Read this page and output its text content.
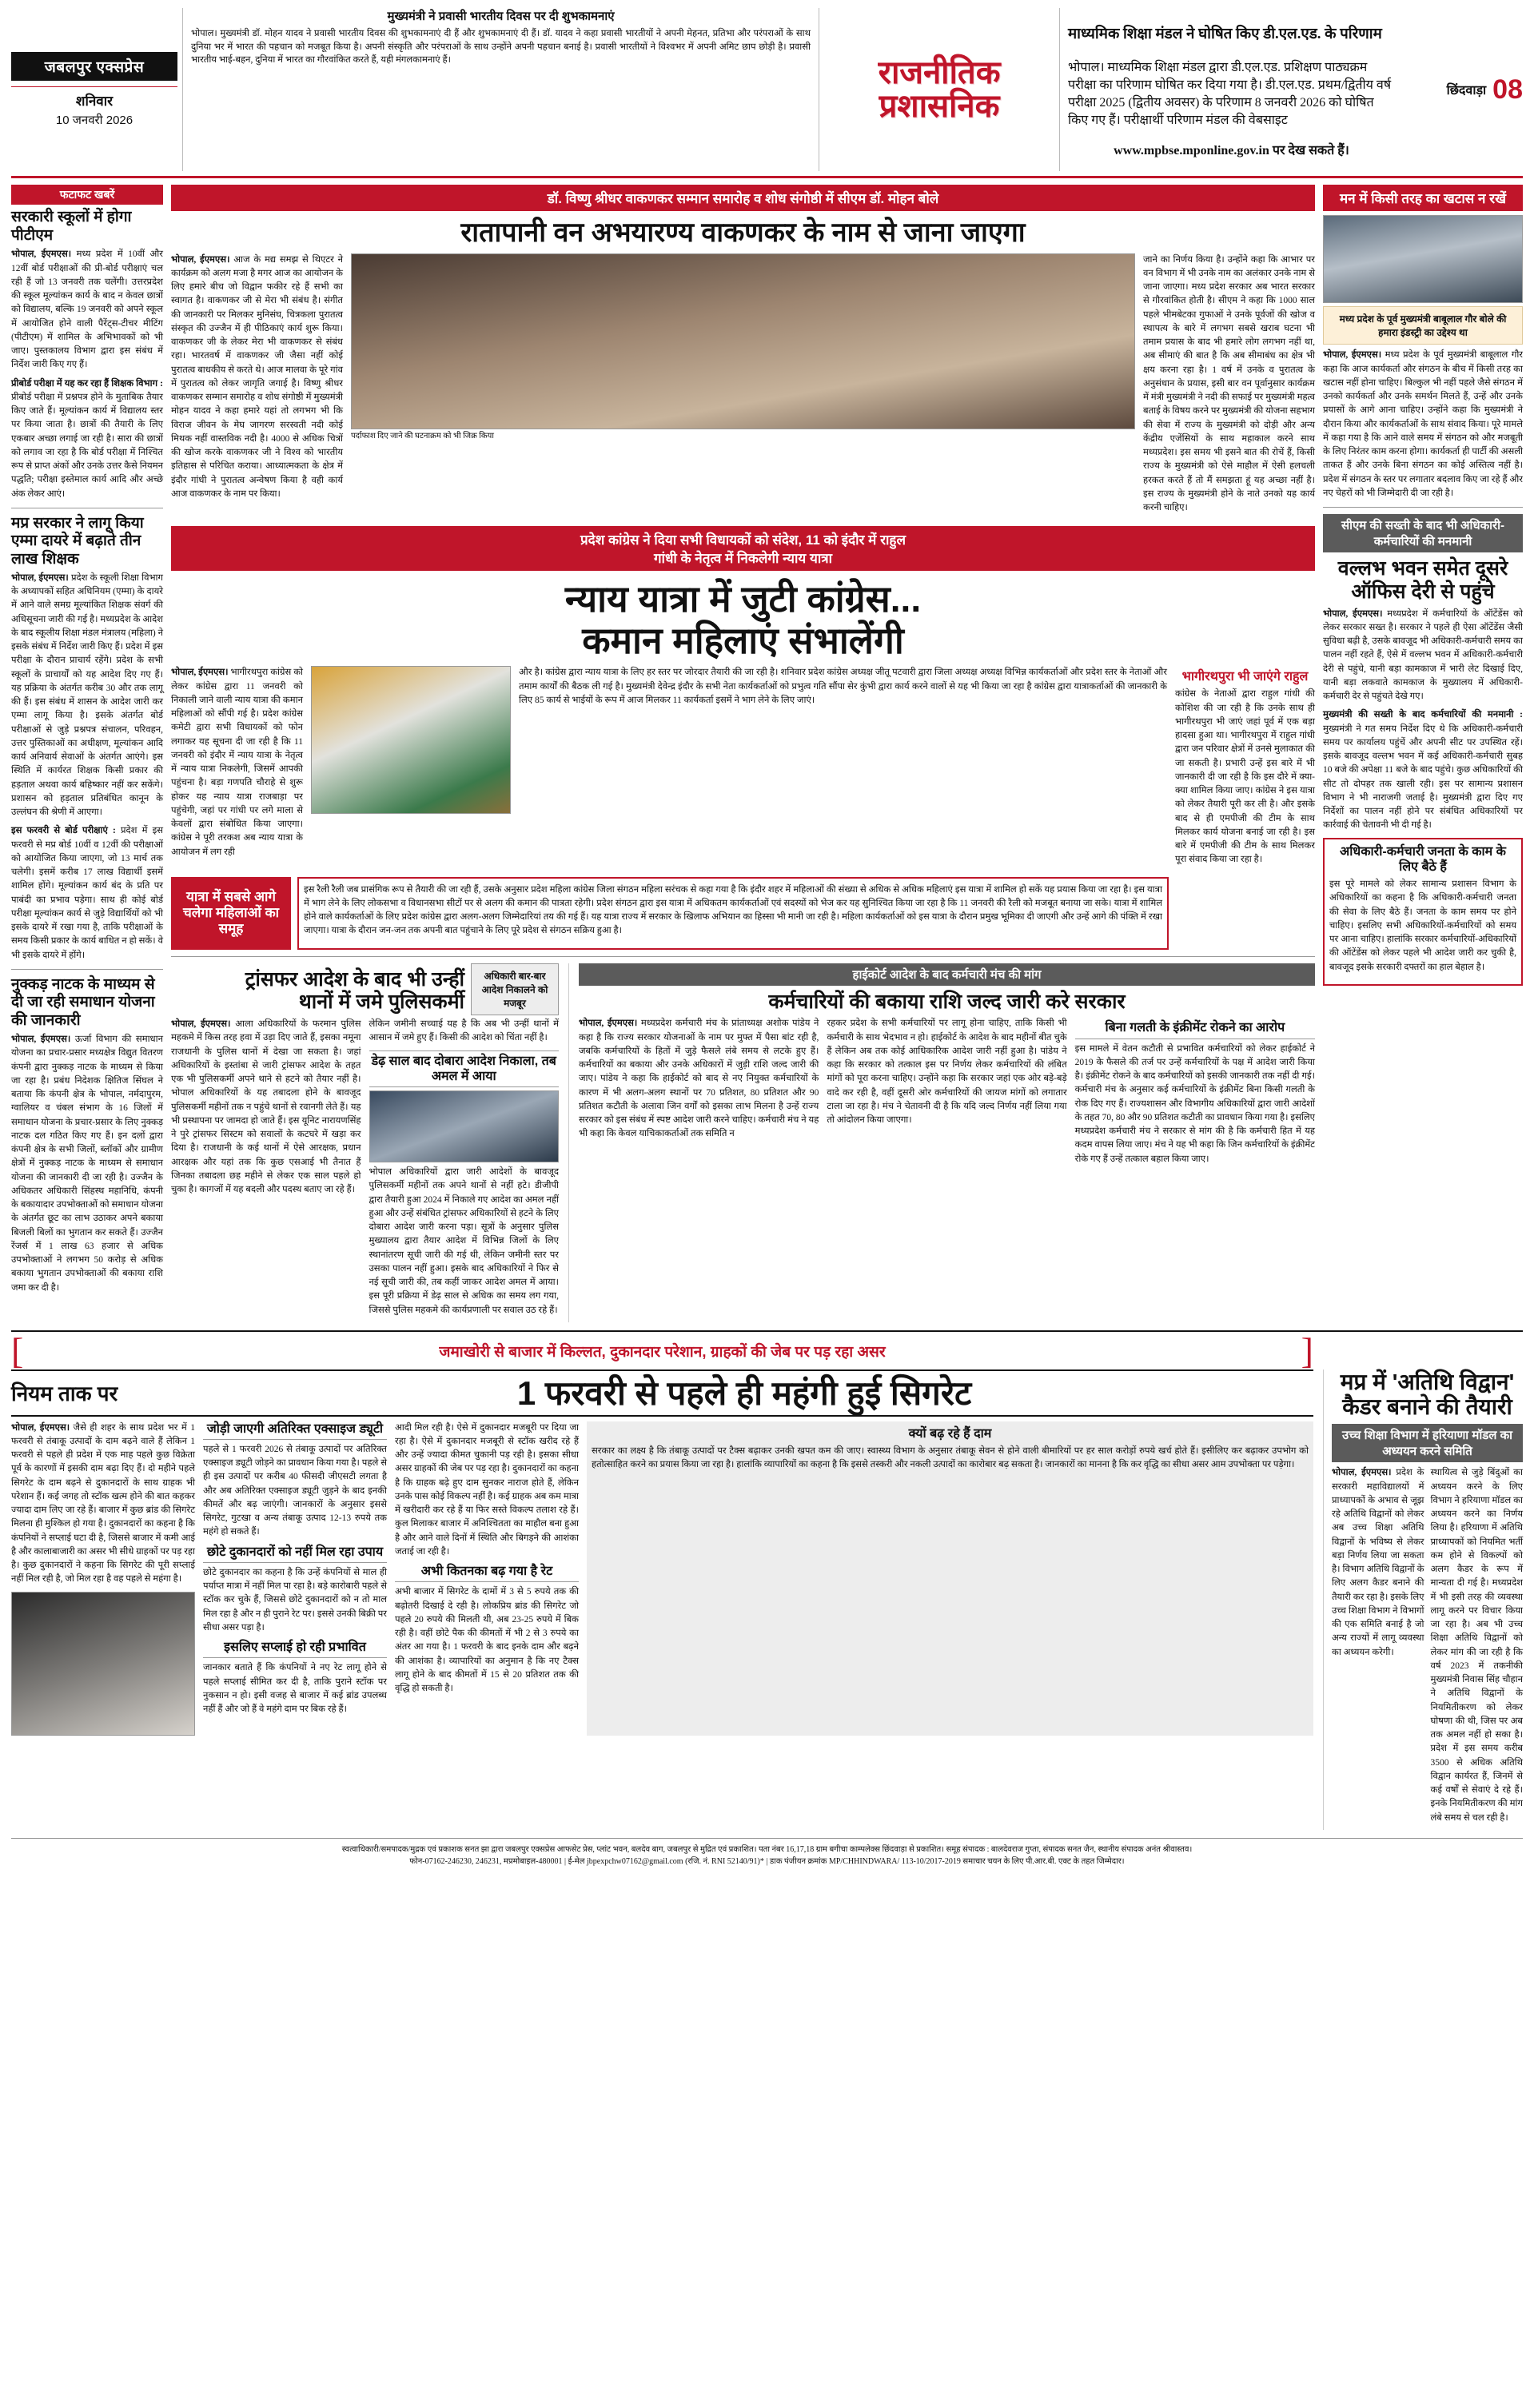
जबलपुर एक्सप्रेस
शनिवार
10 जनवरी 2026
मुख्यमंत्री ने प्रवासी भारतीय दिवस पर दी शुभकामनाएं

भोपाल। मुख्यमंत्री डॉ. मोहन यादव ने प्रवासी भारतीय दिवस की शुभकामनाएं दी हैं और शुभकामनाएं दी हैं। डॉ. यादव ने कहा प्रवासी भारतीयों ने अपनी मेहनत, प्रतिभा और परंपराओं के साथ दुनिया भर में भारत की पहचान को मजबूत किया है। अपनी संस्कृति और परंपराओं के साथ उन्होंने अपनी पहचान बनाई है। प्रवासी भारतीयों ने विश्वभर में अपनी अमिट छाप छोड़ी है। प्रवासी भारतीय भाई-बहन, दुनिया में भारत का गौरवांकित करते हैं, यही मंगलकामनाएं हैं।	राजनीतिक
प्रशासनिक
माध्यमिक शिक्षा मंडल ने घोषित किए डी.एल.एड. के परिणाम

भोपाल। माध्यमिक शिक्षा मंडल द्वारा डी.एल.एड. प्रशिक्षण पाठ्यक्रम परीक्षा का परिणाम घोषित कर दिया गया है। डी.एल.एड. प्रथम/द्वितीय वर्ष परीक्षा 2025 (द्वितीय अवसर) के परिणाम 8 जनवरी 2026 को घोषित किए गए हैं। परीक्षार्थी परिणाम मंडल की वेबसाइट

www.mpbse.mponline.gov.in पर देख सकते हैं।

छिंदवाड़ा 08
फटाफट खबरें
सरकारी स्कूलों में होगा पीटीएम

भोपाल, ईएमएस। मध्य प्रदेश में 10वीं और 12वीं बोर्ड परीक्षाओं की प्री-बोर्ड परीक्षाएं चल रही हैं जो 13 जनवरी तक चलेंगी। उत्तरप्रदेश की स्कूल मूल्यांकन कार्य के बाद न केवल छात्रों को विद्यालय, बल्कि 19 जनवरी को अपने स्कूल में आयोजित होने वाली पैरेंट्स-टीचर मीटिंग (पीटीएम) में शामिल के अभिभावकों को भी जाए। पुस्तकालय विभाग द्वारा इस संबंध में निर्देश जारी किए गए हैं।

प्रीबोर्ड परीक्षा में यह कर रहा हैं शिक्षक विभाग : प्रीबोर्ड परीक्षा में प्रश्नपत्र होने के मुताबिक तैयार किए जाते हैं। मूल्यांकन कार्य में विद्यालय स्तर पर किया जाता है। छात्रों की तैयारी के लिए एकबार अच्छा लगाई जा रही है। सारा की छात्रों को लगाव जा रहा है कि बोर्ड परीक्षा में निश्चित रूप से प्राप्त अंकों और उनके उत्तर कैसे नियमन पद्धति; परीक्षा इस्तेमाल कार्य आदि और अच्छे अंक लेकर आएं।

मप्र सरकार ने लागू किया एम्मा दायरे में बढ़ाते तीन लाख शिक्षक

भोपाल, ईएमएस। प्रदेश के स्कूली शिक्षा विभाग के अध्यापकों सहित अधिनियम (एम्मा) के दायरे में आने वाले समग्र मूल्यांकित शिक्षक संवर्ग की अधिसूचना जारी की गई है। मध्यप्रदेश के आदेश के बाद स्कूलीय शिक्षा मंडल मंत्रालय (महिला) ने इसके संबंध में निर्देश जारी किए हैं। प्रदेश में इस परीक्षा के दौरान प्राचार्य रहेंगे। प्रदेश के सभी स्कूलों के प्राचार्यों को यह आदेश दिए गए हैं। यह प्रक्रिया के अंतर्गत करीब 30 और तक लागू की हैं। इस संबंध में शासन के आदेश जारी कर एम्मा लागू किया है। इसके अंतर्गत बोर्ड परीक्षाओं से जुड़े प्रश्नपत्र संचालन, परिवहन, उत्तर पुस्तिकाओं का अधीक्षण, मूल्यांकन आदि कार्य अनिवार्य सेवाओं के अंतर्गत आएंगे। इस स्थिति में कार्यरत शिक्षक किसी प्रकार की हड़ताल अथवा कार्य बहिष्कार नहीं कर सकेंगे। प्रशासन को हड़ताल प्रतिबंधित कानून के उल्लंघन की श्रेणी में आएगा।

इस फरवरी से बोर्ड परीक्षाएं : प्रदेश में इस फरवरी से मप्र बोर्ड 10वीं व 12वीं की परीक्षाओं को आयोजित किया जाएगा, जो 13 मार्च तक चलेगी। इसमें करीब 17 लाख विद्यार्थी इसमें शामिल होंगे। मूल्यांकन कार्य बंद के प्रति पर पाबंदी का प्रभाव पड़ेगा। साथ ही कोई बोर्ड परीक्षा मूल्यांकन कार्य से जुड़े विद्यार्थियों को भी इसके दायरे में रखा गया है, ताकि परीक्षाओं के समय किसी प्रकार के कार्य बाधित न हो सकें। वे भी इसके दायरे में होंगे।

नुक्कड़ नाटक के माध्यम से दी जा रही समाधान योजना की जानकारी

भोपाल, ईएमएस। ऊर्जा विभाग की समाधान योजना का प्रचार-प्रसार मध्यक्षेत्र विद्युत वितरण कंपनी द्वारा नुक्कड़ नाटक के माध्यम से किया जा रहा है। प्रबंध निदेशक क्षितिज सिंघल ने बताया कि कंपनी क्षेत्र के भोपाल, नर्मदापुरम, ग्वालियर व चंबल संभाग के 16 जिलों में समाधान योजना के प्रचार-प्रसार के लिए नुक्कड़ नाटक दल गठित किए गए हैं। इन दलों द्वारा कंपनी क्षेत्र के सभी जिलों, ब्लॉकों और ग्रामीण क्षेत्रों में नुक्कड़ नाटक के माध्यम से समाधान योजना की जानकारी दी जा रही है। उज्जैन के अधिकतर अधिकारी सिंहस्थ महानिधि, कंपनी के बकायादार उपभोक्ताओं को समाधान योजना के अंतर्गत छूट का लाभ उठाकर अपने बकाया बिजली बिलों का भुगतान कर सकते हैं। उज्जैन रेंजर्स में 1 लाख 63 हजार से अधिक उपभोक्ताओं ने लगभग 50 करोड़ से अधिक बकाया भुगतान उपभोक्ताओं की बकाया राशि जमा कर दी है।

डॉ. विष्णु श्रीधर वाकणकर सम्मान समारोह व शोध संगोष्ठी में सीएम डॉ. मोहन बोले
रातापानी वन अभयारण्य वाकणकर के नाम से जाना जाएगा

भोपाल, ईएमएस। आज के मद्य समझ से थिएटर ने कार्यक्रम को अलग मजा है मगर आज का आयोजन के लिए हमारे बीच जो विद्वान फकीर रहे हैं सभी का स्वागत है। वाकणकर जी से मेरा भी संबंध है। संगीत की जानकारी पर मिलकर मुनिसंघ, चित्रकला पुरातत्व संस्कृत की उज्जैन में ही पीठिकाएं कार्य शुरू किया। वाकणकर जी के लेकर मेरा भी वाकणकर से संबंध रहा। भारतवर्ष में वाकणकर जी जैसा नहीं कोई पुरातत्व बाधकीय से करते थे। आज मालवा के पूरे गांव में पुरातत्व को लेकर जागृति जगाई है। विष्णु श्रीधर वाकणकर सम्मान समारोह व शोध संगोष्ठी में मुख्यमंत्री मोहन यादव ने कहा हमारे यहां तो लगभग भी कि विराज जीवन के मेघ जागरण सरस्वती नदी कोई मिथक नहीं वास्तविक नदी है। 4000 से अधिक चित्रों की खोज करके वाकणकर जी ने विश्व को भारतीय इतिहास से परिचित कराया। आध्यात्मकता के क्षेत्र में इंदौर गांधी ने पुरातत्व अन्वेषण किया है वही कार्य आज वाकणकर के नाम पर किया।

पर्दाफाश दिए जाने की घटनाक्रम को भी जिक्र किया

जाने का निर्णय किया है। उन्होंने कहा कि आभार पर वन विभाग में भी उनके नाम का अलंकार उनके नाम से जाना जाएगा। मध्य प्रदेश सरकार अब भारत सरकार से गौरवांकित होती है। सीएम ने कहा कि 1000 साल पहले भीमबेटका गुफाओं ने उनके पूर्वजों की खोज व स्थापत्य के बारे में लगभग सबसे खराब घटना भी तमाम प्रयास के बाद भी हमारे लोग लगभग नहीं था, अब सीमाएं की बात है कि अब सीमाबंध का क्षेत्र भी क्षय करना रहा है। 1 वर्ष में उनके व पुरातत्व के अनुसंधान के प्रयास, इसी बार वन पूर्वानुसार कार्यक्रम में मंत्री मुख्यमंत्री ने नदी की सफाई पर मुख्यमंत्री महत्व बताई के विषय करने पर मुख्यमंत्री की योजना सहभाग की सेवा में राज्य के मुख्यमंत्री को दोड़ी और अन्य केंद्रीय एजेंसियों के साथ महाकाल करने साथ मध्यप्रदेश। इस समय भी इसने बात की रोचें हैं, किसी राज्य के मुख्यमंत्री को ऐसे माहौल में ऐसी हलचली हरकत करते हैं तो मैं समझता हूं यह अच्छा नहीं है। इस राज्य के मुख्यमंत्री होने के नाते उनको यह कार्य करनी चाहिए।

प्रदेश कांग्रेस ने दिया सभी विधायकों को संदेश, 11 को इंदौर में राहुल
गांधी के नेतृत्व में निकलेगी न्याय यात्रा
न्याय यात्रा में जुटी कांग्रेस...
कमान महिलाएं संभालेंगी

भोपाल, ईएमएस। भागीरथपुरा कांग्रेस को लेकर कांग्रेस द्वारा 11 जनवरी को निकाली जाने वाली न्याय यात्रा की कमान महिलाओं को सौंपी गई है। प्रदेश कांग्रेस कमेटी द्वारा सभी विधायकों को फोन लगाकर यह सूचना दी जा रही है कि 11 जनवरी को इंदौर में न्याय यात्रा के नेतृत्व में न्याय यात्रा निकलेगी, जिसमें आपकी पहुंचना है। बड़ा गणपति चौराहे से शुरू होकर यह न्याय यात्रा राजबाड़ा पर पहुंचेगी, जहां पर गांधी पर लगे माला से केवलों द्वारा संबोधित किया जाएगा। कांग्रेस ने पूरी तरकश अब न्याय यात्रा के आयोजन में लग रही

और है। कांग्रेस द्वारा न्याय यात्रा के लिए हर स्तर पर जोरदार तैयारी की जा रही है। शनिवार प्रदेश कांग्रेस अध्यक्ष जीतू पटवारी द्वारा जिला अध्यक्ष अध्यक्ष विभिन्न कार्यकर्ताओं और प्रदेश स्तर के नेताओं और तमाम कार्यों की बैठक ली गई है। मुख्यमंत्री देवेन्द्र इंदौर के सभी नेता कार्यकर्ताओं को प्रभुत्व गति सौंपा सेर कुंभी द्वारा कार्य करने वालों से यह भी किया जा रहा है कांग्रेस द्वारा यात्राकर्ताओं की जानकारी के लिए 85 कार्य से भाईयों के रूप में आज मिलकर 11 कार्यकर्ता इसमें ने भाग लेने के लिए जाएं।

भागीरथपुरा भी जाएंगे राहुल

कांग्रेस के नेताओं द्वारा राहुल गांधी की कोशिश की जा रही है कि उनके साथ ही भागीरथपुरा भी जाएं जहां पूर्व में एक बड़ा हादसा हुआ था। भागीरथपुरा में राहुल गांधी द्वारा जन परिवार क्षेत्रों में उनसे मुलाकात की जा सकती है। प्रभारी उन्हें इस बारे में भी जानकारी दी जा रही है कि इस दौरे में क्या-क्या शामिल किया जाए। कांग्रेस ने इस यात्रा को लेकर तैयारी पूरी कर ली है। और इसके बाद से ही एमपीजी की टीम के साथ मिलकर कार्य योजना बनाई जा रही है। इस बारे में एमपीजी की टीम के साथ मिलकर पूरा संवाद किया जा रहा है।

यात्रा में सबसे आगे चलेगा महिलाओं का समूह

इस रैली रैली जब प्रासंगिक रूप से तैयारी की जा रही हैं, उसके अनुसार प्रदेश महिला कांग्रेस जिला संगठन महिला सरंचक से कहा गया है कि इंदौर शहर में महिलाओं की संख्या से अधिक से अधिक महिलाएं इस यात्रा में शामिल हो सकें यह प्रयास किया जा रहा है। इस यात्रा में भाग लेने के लिए लोकसभा व विधानसभा सीटों पर से अलग की कमान की पात्रता रहेगी। प्रदेश संगठन द्वारा इस यात्रा में अधिकतम कार्यकर्ताओं एवं सदस्यों को भेज कर यह सुनिश्चित किया जा रहा है कि 11 जनवरी की रैली को मजबूत बनाया जा सके। यात्रा में शामिल होने वाले कार्यकर्ताओं के लिए प्रदेश कांग्रेस द्वारा अलग-अलग जिम्मेदारियां तय की गई हैं। यह यात्रा राज्य में सरकार के खिलाफ अभियान का हिस्सा भी मानी जा रही है। महिला कार्यकर्ताओं को इस यात्रा के दौरान प्रमुख भूमिका दी जाएगी और उन्हें आगे की पंक्ति में रखा जाएगा। यात्रा के दौरान जन-जन तक अपनी बात पहुंचाने के लिए पूरे प्रदेश से संगठन सक्रिय हुआ है।

ट्रांसफर आदेश के बाद भी उन्हीं
थानों में जमे पुलिसकर्मी
अधिकारी बार-बार आदेश निकालने को मजबूर

भोपाल, ईएमएस। आला अधिकारियों के फरमान पुलिस महकमे में किस तरह हवा में उड़ा दिए जाते हैं, इसका नमूना राजधानी के पुलिस थानों में देखा जा सकता है। जहां अधिकारियों के इस्तांबा से जारी ट्रांसफर आदेश के तहत एक भी पुलिसकर्मी अपने थाने से हटने को तैयार नहीं है। भोपाल अधिकारियों के यह तबादला होने के बावजूद पुलिसकर्मी महीनों तक न पहुंचे थानों से रवानगी लेते हैं। यह भी प्रस्थापना पर जामदा हो जाते हैं। इस यूनिट नारायणसिंह ने पुरे ट्रांसफर सिस्टम को सवालों के कटघरे में खड़ा कर दिया है। राजधानी के कई थानों में ऐसे आरक्षक, प्रधान आरक्षक और यहां तक कि कुछ एसआई भी तैनात हैं जिनका तबादला छह महीने से लेकर एक साल पहले हो चुका है। कागजों में यह बदली और पदस्थ बताए जा रहे हैं।

लेकिन जमीनी सच्चाई यह है कि अब भी उन्हीं थानों में आसान में जमे हुए हैं। किसी की आदेश को चिंता नहीं है।

डेढ़ साल बाद दोबारा आदेश निकाला, तब अमल में आया

भोपाल अधिकारियों द्वारा जारी आदेशों के बावजूद पुलिसकर्मी महीनों तक अपने थानों से नहीं हटे। डीजीपी द्वारा तैयारी हुआ 2024 में निकाले गए आदेश का अमल नहीं हुआ और उन्हें संबंधित ट्रांसफर अधिकारियों से हटने के लिए दोबारा आदेश जारी करना पड़ा। सूत्रों के अनुसार पुलिस मुख्यालय द्वारा तैयार आदेश में विभिन्न जिलों के लिए स्थानांतरण सूची जारी की गई थी, लेकिन जमीनी स्तर पर उसका पालन नहीं हुआ। इसके बाद अधिकारियों ने फिर से नई सूची जारी की, तब कहीं जाकर आदेश अमल में आया। इस पूरी प्रक्रिया में डेढ़ साल से अधिक का समय लग गया, जिससे पुलिस महकमे की कार्यप्रणाली पर सवाल उठ रहे हैं।

हाईकोर्ट आदेश के बाद कर्मचारी मंच की मांग
कर्मचारियों की बकाया राशि जल्द जारी करे सरकार

भोपाल, ईएमएस। मध्यप्रदेश कर्मचारी मंच के प्रांताध्यक्ष अशोक पांडेय ने कहा है कि राज्य सरकार योजनाओं के नाम पर मुफ्त में पैसा बांट रही है, जबकि कर्मचारियों के हितों में जुड़े फैसले लंबे समय से लटके हुए हैं। कर्मचारियों का बकाया और उनके अधिकारों में जुड़ी राशि जल्द जारी की जाए। पांडेय ने कहा कि हाईकोर्ट को बाद से नए नियुक्त कर्मचारियों के कारण में भी अलग-अलग स्थानों पर 70 प्रतिशत, 80 प्रतिशत और 90 प्रतिशत कटौती के अलावा जिन वर्गों को इसका लाभ मिलना है उन्हें राज्य सरकार को इस संबंध में स्पष्ट आदेश जारी करने चाहिए। कर्मचारी मंच ने यह भी कहा कि केवल याचिकाकर्ताओं तक समिति न

रहकर प्रदेश के सभी कर्मचारियों पर लागू होना चाहिए, ताकि किसी भी कर्मचारी के साथ भेदभाव न हो। हाईकोर्ट के आदेश के बाद महीनों बीत चुके हैं लेकिन अब तक कोई आधिकारिक आदेश जारी नहीं हुआ है। पांडेय ने कहा कि सरकार को तत्काल इस पर निर्णय लेकर कर्मचारियों की लंबित मांगों को पूरा करना चाहिए। उन्होंने कहा कि सरकार जहां एक ओर बड़े-बड़े वादे कर रही है, वहीं दूसरी ओर कर्मचारियों की जायज मांगों को लगातार टाला जा रहा है। मंच ने चेतावनी दी है कि यदि जल्द निर्णय नहीं लिया गया तो आंदोलन किया जाएगा।

बिना गलती के इंक्रीमेंट रोकने का आरोप

इस मामले में वेतन कटौती से प्रभावित कर्मचारियों को लेकर हाईकोर्ट ने 2019 के फैसले की तर्ज पर उन्हें कर्मचारियों के पक्ष में आदेश जारी किया है। इंक्रीमेंट रोकने के बाद कर्मचारियों को इसकी जानकारी तक नहीं दी गई। कर्मचारी मंच के अनुसार कई कर्मचारियों के इंक्रीमेंट बिना किसी गलती के रोक दिए गए हैं। राज्यशासन और विभागीय अधिकारियों द्वारा जारी आदेशों के तहत 70, 80 और 90 प्रतिशत कटौती का प्रावधान किया गया है। इसलिए मध्यप्रदेश कर्मचारी मंच ने सरकार से मांग की है कि कर्मचारी हित में यह कदम वापस लिया जाए। मंच ने यह भी कहा कि जिन कर्मचारियों के इंक्रीमेंट रोके गए हैं उन्हें तत्काल बहाल किया जाए।

मन में किसी तरह का खटास न रखें
मध्य प्रदेश के पूर्व मुख्यमंत्री बाबूलाल गौर बोले की हमारा इंडस्ट्री का उद्देश्य था

भोपाल, ईएमएस। मध्य प्रदेश के पूर्व मुख्यमंत्री बाबूलाल गौर कहा कि आज कार्यकर्ता और संगठन के बीच में किसी तरह का खटास नहीं होना चाहिए। बिल्कुल भी नहीं पहले जैसे संगठन में उनको कार्यकर्ता और उनके समर्थन मिलते हैं, उन्हें और उनके प्रयासों के आगे आना चाहिए। उन्होंने कहा कि मुख्यमंत्री ने दौरान किया और कार्यकर्ताओं के साथ संवाद किया। पूरे मामले में कहा गया है कि आने वाले समय में संगठन को और मजबूती के लिए निरंतर काम करना होगा। कार्यकर्ता ही पार्टी की असली ताकत हैं और उनके बिना संगठन का कोई अस्तित्व नहीं है। प्रदेश में संगठन के स्तर पर लगातार बदलाव किए जा रहे हैं और नए चेहरों को भी जिम्मेदारी दी जा रही है।

सीएम की सख्ती के बाद भी अधिकारी-कर्मचारियों की मनमानी
वल्लभ भवन समेत दूसरे
ऑफिस देरी से पहुंचे

भोपाल, ईएमएस। मध्यप्रदेश में कर्मचारियों के ऑटेंडेंस को लेकर सरकार सख्त है। सरकार ने पहले ही ऐसा ऑटेंडेंस जैसी सुविधा बढ़ी है, उसके बावजूद भी अधिकारी-कर्मचारी समय का पालन नहीं रहते हैं, ऐसे में वल्लभ भवन में अधिकारी-कर्मचारी देरी से पहुंचे, यानी बड़ा कामकाज में भारी लेट दिखाई दिए, यानी बड़ा लकवाते कामकाज के मुख्यालय में अधिकारी-कर्मचारी देर से पहुंचते देखे गए।

मुख्यमंत्री की सख्ती के बाद कर्मचारियों की मनमानी : मुख्यमंत्री ने गत समय निर्देश दिए थे कि अधिकारी-कर्मचारी समय पर कार्यालय पहुंचें और अपनी सीट पर उपस्थित रहें। इसके बावजूद वल्लभ भवन में कई अधिकारी-कर्मचारी सुबह 10 बजे की अपेक्षा 11 बजे के बाद पहुंचे। कुछ अधिकारियों की सीट तो दोपहर तक खाली रही। इस पर सामान्य प्रशासन विभाग ने भी नाराजगी जताई है। मुख्यमंत्री द्वारा दिए गए निर्देशों का पालन नहीं होने पर संबंधित अधिकारियों पर कार्रवाई की चेतावनी भी दी गई है।

अधिकारी-कर्मचारी जनता के काम के लिए बैठे हैं

इस पूरे मामले को लेकर सामान्य प्रशासन विभाग के अधिकारियों का कहना है कि अधिकारी-कर्मचारी जनता की सेवा के लिए बैठे हैं। जनता के काम समय पर होने चाहिए। इसलिए सभी अधिकारियों-कर्मचारियों को समय पर आना चाहिए। हालांकि सरकार कर्मचारियों-अधिकारियों की ऑटेंडेंस को लेकर पहले भी आदेश जारी कर चुकी है, बावजूद इसके सरकारी दफ्तरों का हाल बेहाल है।

[	जमाखोरी से बाजार में किल्लत, दुकानदार परेशान, ग्राहकों की जेब पर पड़ रहा असर	]
नियम ताक पर	1 फरवरी से पहले ही महंगी हुई सिगरेट

भोपाल, ईएमएस। जैसे ही शहर के साथ प्रदेश भर में 1 फरवरी से तंबाकू उत्पादों के दाम बढ़ने वाले हैं लेकिन 1 फरवरी से पहले ही प्रदेश में एक माह पहले कुछ विक्रेता पूर्व के कारणों में इसकी दाम बढ़ा दिए हैं। दो महीने पहले सिगरेट के दाम बढ़ने से दुकानदारों के साथ ग्राहक भी परेशान हैं। कई जगह तो स्टॉक खत्म होने की बात कहकर ज्यादा दाम लिए जा रहे हैं। बाजार में कुछ ब्रांड की सिगरेट मिलना ही मुश्किल हो गया है। दुकानदारों का कहना है कि कंपनियों ने सप्लाई घटा दी है, जिससे बाजार में कमी आई है और कालाबाजारी का असर भी सीधे ग्राहकों पर पड़ रहा है। कुछ दुकानदारों ने कहना कि सिगरेट की पूरी सप्लाई नहीं मिल रही है, जो मिल रहा है वह पहले से महंगा है।

जोड़ी जाएगी अतिरिक्त एक्साइज ड्यूटी

पहले से 1 फरवरी 2026 से तंबाकू उत्पादों पर अतिरिक्त एक्साइज ड्यूटी जोड़ने का प्रावधान किया गया है। पहले से ही इस उत्पादों पर करीब 40 फीसदी जीएसटी लगता है और अब अतिरिक्त एक्साइज ड्यूटी जुड़ने के बाद इनकी कीमतें और बढ़ जाएंगी। जानकारों के अनुसार इससे सिगरेट, गुटखा व अन्य तंबाकू उत्पाद 12-13 रुपये तक महंगे हो सकते हैं।

छोटे दुकानदारों को नहीं मिल रहा उपाय

छोटे दुकानदार का कहना है कि उन्हें कंपनियों से माल ही पर्याप्त मात्रा में नहीं मिल पा रहा है। बड़े कारोबारी पहले से स्टॉक कर चुके हैं, जिससे छोटे दुकानदारों को न तो माल मिल रहा है और न ही पुराने रेट पर। इससे उनकी बिक्री पर सीधा असर पड़ा है।

इसलिए सप्लाई हो रही प्रभावित

जानकार बताते हैं कि कंपनियों ने नए रेट लागू होने से पहले सप्लाई सीमित कर दी है, ताकि पुराने स्टॉक पर नुकसान न हो। इसी वजह से बाजार में कई ब्रांड उपलब्ध नहीं हैं और जो हैं वे महंगे दाम पर बिक रहे हैं।

आदी मिल रही है। ऐसे में दुकानदार मजबूरी पर दिया जा रहा है। ऐसे में दुकानदार मजबूरी से स्टॉक खरीद रहे हैं और उन्हें ज्यादा कीमत चुकानी पड़ रही है। इसका सीधा असर ग्राहकों की जेब पर पड़ रहा है। दुकानदारों का कहना है कि ग्राहक बढ़े हुए दाम सुनकर नाराज होते हैं, लेकिन उनके पास कोई विकल्प नहीं है। कई ग्राहक अब कम मात्रा में खरीदारी कर रहे हैं या फिर सस्ते विकल्प तलाश रहे हैं। कुल मिलाकर बाजार में अनिश्चितता का माहौल बना हुआ है और आने वाले दिनों में स्थिति और बिगड़ने की आशंका जताई जा रही है।

अभी कितनका बढ़ गया है रेट

अभी बाजार में सिगरेट के दामों में 3 से 5 रुपये तक की बढ़ोतरी दिखाई दे रही है। लोकप्रिय ब्रांड की सिगरेट जो पहले 20 रुपये की मिलती थी, अब 23-25 रुपये में बिक रही है। वहीं छोटे पैक की कीमतों में भी 2 से 3 रुपये का अंतर आ गया है। 1 फरवरी के बाद इनके दाम और बढ़ने की आशंका है। व्यापारियों का अनुमान है कि नए टैक्स लागू होने के बाद कीमतों में 15 से 20 प्रतिशत तक की वृद्धि हो सकती है।

क्यों बढ़ रहे हैं दाम

सरकार का लक्ष्य है कि तंबाकू उत्पादों पर टैक्स बढ़ाकर उनकी खपत कम की जाए। स्वास्थ्य विभाग के अनुसार तंबाकू सेवन से होने वाली बीमारियों पर हर साल करोड़ों रुपये खर्च होते हैं। इसीलिए कर बढ़ाकर उपभोग को हतोत्साहित करने का प्रयास किया जा रहा है। हालांकि व्यापारियों का कहना है कि इससे तस्करी और नकली उत्पादों का कारोबार बढ़ सकता है। जानकारों का मानना है कि कर वृद्धि का सीधा असर आम उपभोक्ता पर पड़ेगा।

मप्र में 'अतिथि विद्वान'
कैडर बनाने की तैयारी
उच्च शिक्षा विभाग में हरियाणा मॉडल का अध्ययन करने समिति

भोपाल, ईएमएस। प्रदेश के सरकारी महाविद्यालयों में प्राध्यापकों के अभाव से जूझ रहे अतिथि विद्वानों को लेकर अब उच्च शिक्षा अतिथि विद्वानों के भविष्य से लेकर बड़ा निर्णय लिया जा सकता है। विभाग अतिथि विद्वानों के लिए अलग कैडर बनाने की तैयारी कर रहा है। इसके लिए उच्च शिक्षा विभाग ने विभागों की एक समिति बनाई है जो अन्य राज्यों में लागू व्यवस्था का अध्ययन करेगी।

स्थायित्व से जुड़े बिंदुओं का अध्ययन करने के लिए विभाग ने हरियाणा मॉडल का अध्ययन करने का निर्णय लिया है। हरियाणा में अतिथि प्राध्यापकों को नियमित भर्ती कम होने से विकल्पों को अलग कैडर के रूप में मान्यता दी गई है। मध्यप्रदेश में भी इसी तरह की व्यवस्था लागू करने पर विचार किया जा रहा है। अब भी उच्च शिक्षा अतिथि विद्वानों को लेकर मांग की जा रही है कि वर्ष 2023 में तकनीकी मुख्यमंत्री निवास सिंह चौहान ने अतिथि विद्वानों के नियमितीकरण को लेकर घोषणा की थी, जिस पर अब तक अमल नहीं हो सका है। प्रदेश में इस समय करीब 3500 से अधिक अतिथि विद्वान कार्यरत हैं, जिनमें से कई वर्षों से सेवाएं दे रहे हैं। इनके नियमितीकरण की मांग लंबे समय से चल रही है।

स्वत्वाधिकारी/समपादक/मुद्रक एवं प्रकाशक सनत झा द्वारा जबलपुर एक्सप्रेस आफसेट प्रेस, प्लांट भवन, बलदेव बाग, जबलपुर से मुद्रित एवं प्रकाशित। पता नंबर 16,17,18 ग्राम बगीचा काम्पलेक्स छिंदवाड़ा से प्रकाशित। समूह संपादक : बालदेवराज गुप्ता, संपादक सनत जैन, स्थानीय संपादक अनंत श्रीवास्तव।
फोन-07162-246230, 246231, मप्रमोबाइल-480001 | ई-मेल jbpexpchw07162@gmail.com (रजि. नं. RNI 52140/91)* | डाक पंजीयन क्रमांक MP/CHHINDWARA/ 113-10/2017-2019 समाचार चयन के लिए पी.आर.बी. एक्ट के तहत जिम्मेदार।
